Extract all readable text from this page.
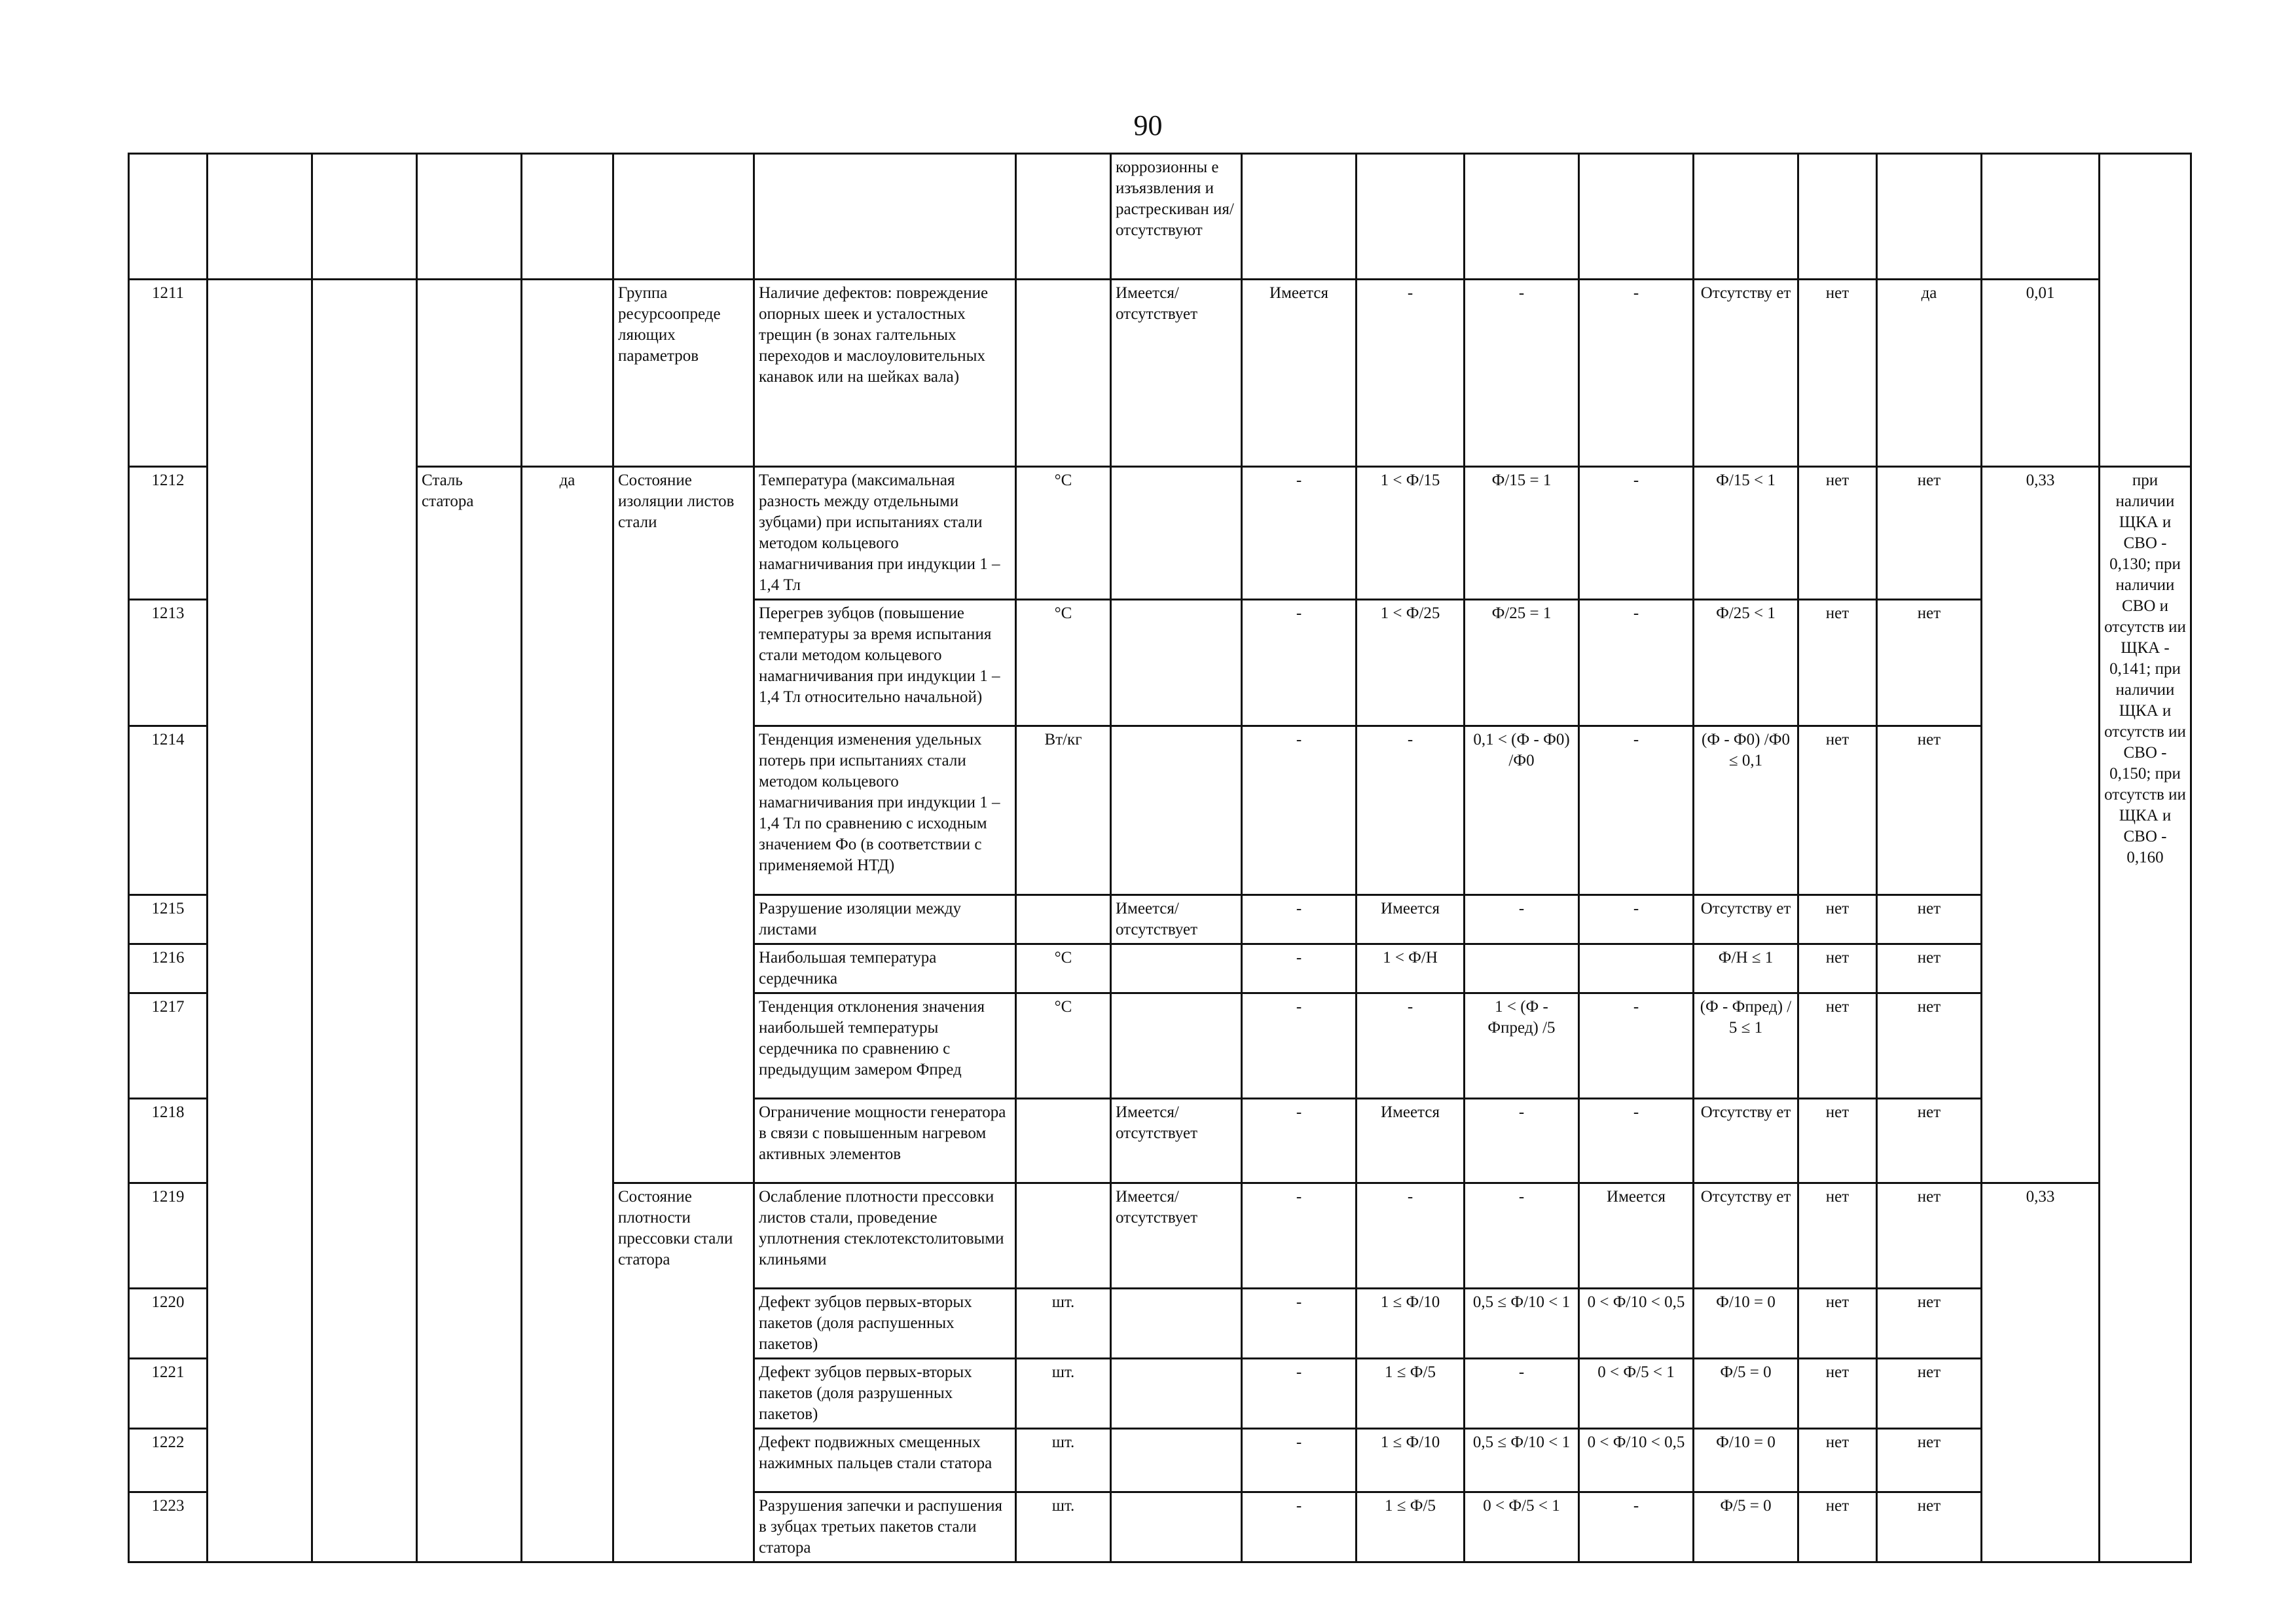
90
								коррозионны е изъязвления и растрескиван ия/ отсутствуют									
1211					Группа ресурсоопреде ляющих параметров	Наличие дефектов: повреждение опорных шеек и усталостных трещин (в зонах галтельных переходов и маслоуловительных канавок или на шейках вала)		Имеется/ отсутствует	Имеется	-	-	-	Отсутству ет	нет	да	0,01	
1212			Сталь статора	да	Состояние изоляции листов стали	Температура (максимальная разность между отдельными зубцами) при испытаниях стали методом кольцевого намагничивания при индукции 1 – 1,4 Тл	°С		-	1 < Ф/15	Ф/15 = 1	-	Ф/15 < 1	нет	нет	0,33	при наличии ЩКА и СВО - 0,130; при наличии СВО и отсутств ии ЩКА - 0,141; при наличии ЩКА и отсутств ии СВО - 0,150; при отсутств ии ЩКА и СВО - 0,160
1213						Перегрев зубцов (повышение температуры за время испытания стали методом кольцевого намагничивания при индукции 1 – 1,4 Тл относительно начальной)	°С		-	1 < Ф/25	Ф/25 = 1	-	Ф/25 < 1	нет	нет		
1214						Тенденция изменения удельных потерь при испытаниях стали методом кольцевого намагничивания при индукции 1 – 1,4 Тл по сравнению с исходным значением Фо (в соответствии с применяемой НТД)	Вт/кг		-	-	0,1 < (Ф - Ф0) /Ф0	-	(Ф - Ф0) /Ф0 ≤ 0,1	нет	нет		
1215						Разрушение изоляции между листами		Имеется/ отсутствует	-	Имеется	-	-	Отсутству ет	нет	нет		
1216						Наибольшая температура сердечника	°С		-	1 < Ф/Н			Ф/Н ≤ 1	нет	нет		
1217						Тенденция отклонения значения наибольшей температуры сердечника по сравнению с предыдущим замером Фпред	°С		-	-	1 < (Ф - Фпред) /5	-	(Ф - Фпред) / 5 ≤ 1	нет	нет		
1218						Ограничение мощности генератора в связи с повышенным нагревом активных элементов		Имеется/ отсутствует	-	Имеется	-	-	Отсутству ет	нет	нет		
1219					Состояние плотности прессовки стали статора	Ослабление плотности прессовки листов стали, проведение уплотнения стеклотекстолитовыми клиньями		Имеется/ отсутствует	-	-	-	Имеется	Отсутству ет	нет	нет	0,33	
1220						Дефект зубцов первых-вторых пакетов (доля распушенных пакетов)	шт.		-	1 ≤ Ф/10	0,5 ≤ Ф/10 < 1	0 < Ф/10 < 0,5	Ф/10 = 0	нет	нет		
1221						Дефект зубцов первых-вторых пакетов (доля разрушенных пакетов)	шт.		-	1 ≤ Ф/5	-	0 < Ф/5 < 1	Ф/5 = 0	нет	нет		
1222						Дефект подвижных смещенных нажимных пальцев стали статора	шт.		-	1 ≤ Ф/10	0,5 ≤ Ф/10 < 1	0 < Ф/10 < 0,5	Ф/10 = 0	нет	нет		
1223						Разрушения запечки и распушения в зубцах третьих пакетов стали статора	шт.		-	1 ≤ Ф/5	0 < Ф/5 < 1	-	Ф/5 = 0	нет	нет		
